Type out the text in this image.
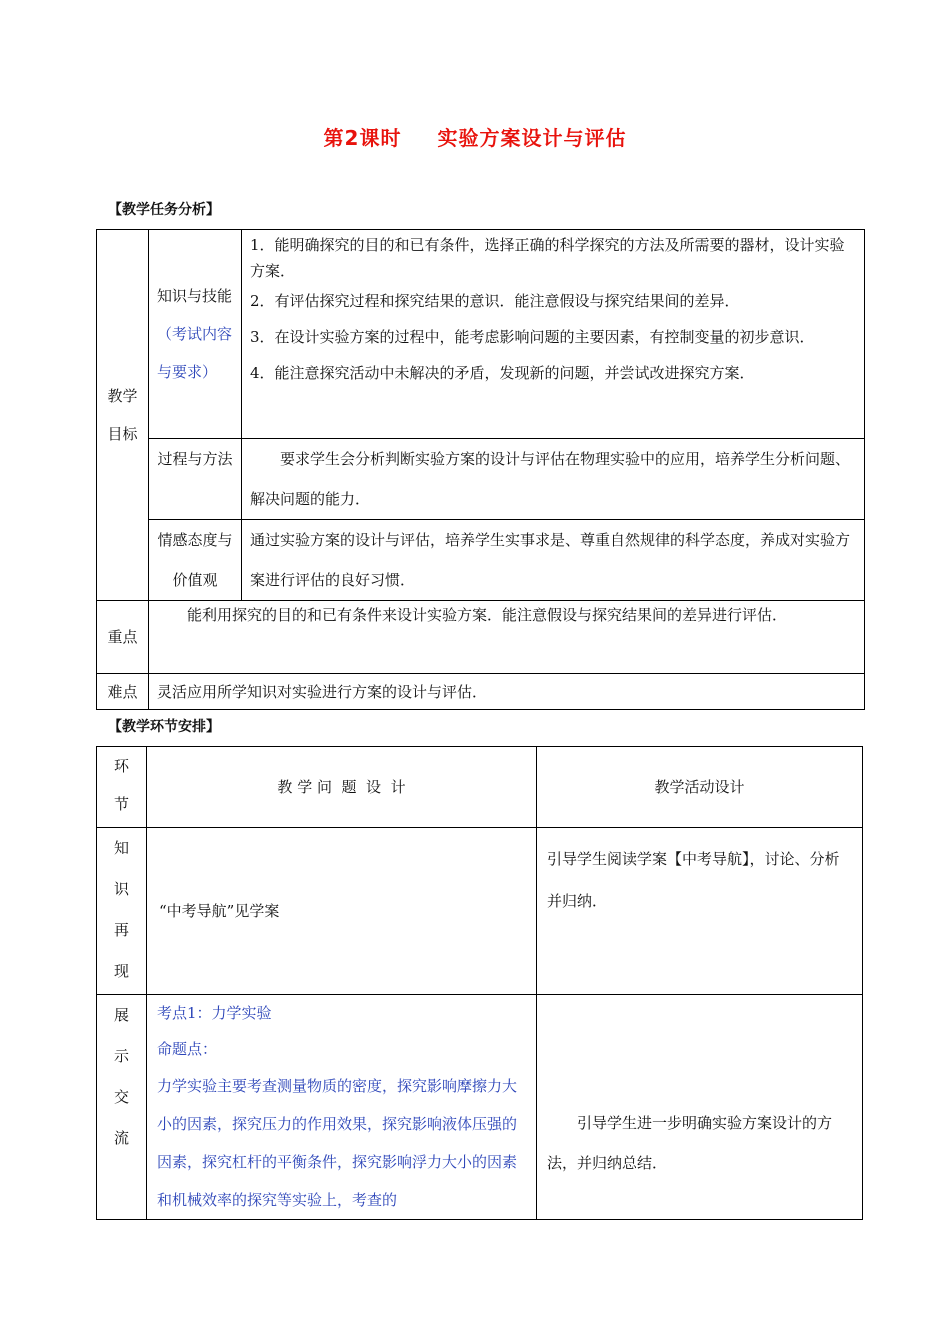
第2课时 实验方案设计与评估
【教学任务分析】
教学目标	知识与技能（考试内容与要求）	1．能明确探究的目的和已有条件，选择正确的科学探究的方法及所需要的器材，设计实验方案．
2．有评估探究过程和探究结果的意识．能注意假设与探究结果间的差异．
3．在设计实验方案的过程中，能考虑影响问题的主要因素，有控制变量的初步意识．
4．能注意探究活动中未解决的矛盾，发现新的问题，并尝试改进探究方案．

	过程与方法	要求学生会分析判断实验方案的设计与评估在物理实验中的应用，培养学生分析问题、解决问题的能力．
	情感态度与价值观	通过实验方案的设计与评估，培养学生实事求是、尊重自然规律的科学态度，养成对实验方案进行评估的良好习惯．
重点	能利用探究的目的和已有条件来设计实验方案．能注意假设与探究结果间的差异进行评估．	
难点	灵活应用所学知识对实验进行方案的设计与评估．	
【教学环节安排】
环节	教 学 问  题  设  计	教学活动设计
知识再现	“中考导航”见学案	引导学生阅读学案【中考导航】，讨论、分析并归纳．
展示交流	考点1：力学实验
命题点：
力学实验主要考查测量物质的密度，探究影响摩擦力大小的因素，探究压力的作用效果，探究影响液体压强的因素，探究杠杆的平衡条件，探究影响浮力大小的因素和机械效率的探究等实验上，考查的	引导学生进一步明确实验方案设计的方法，并归纳总结．
